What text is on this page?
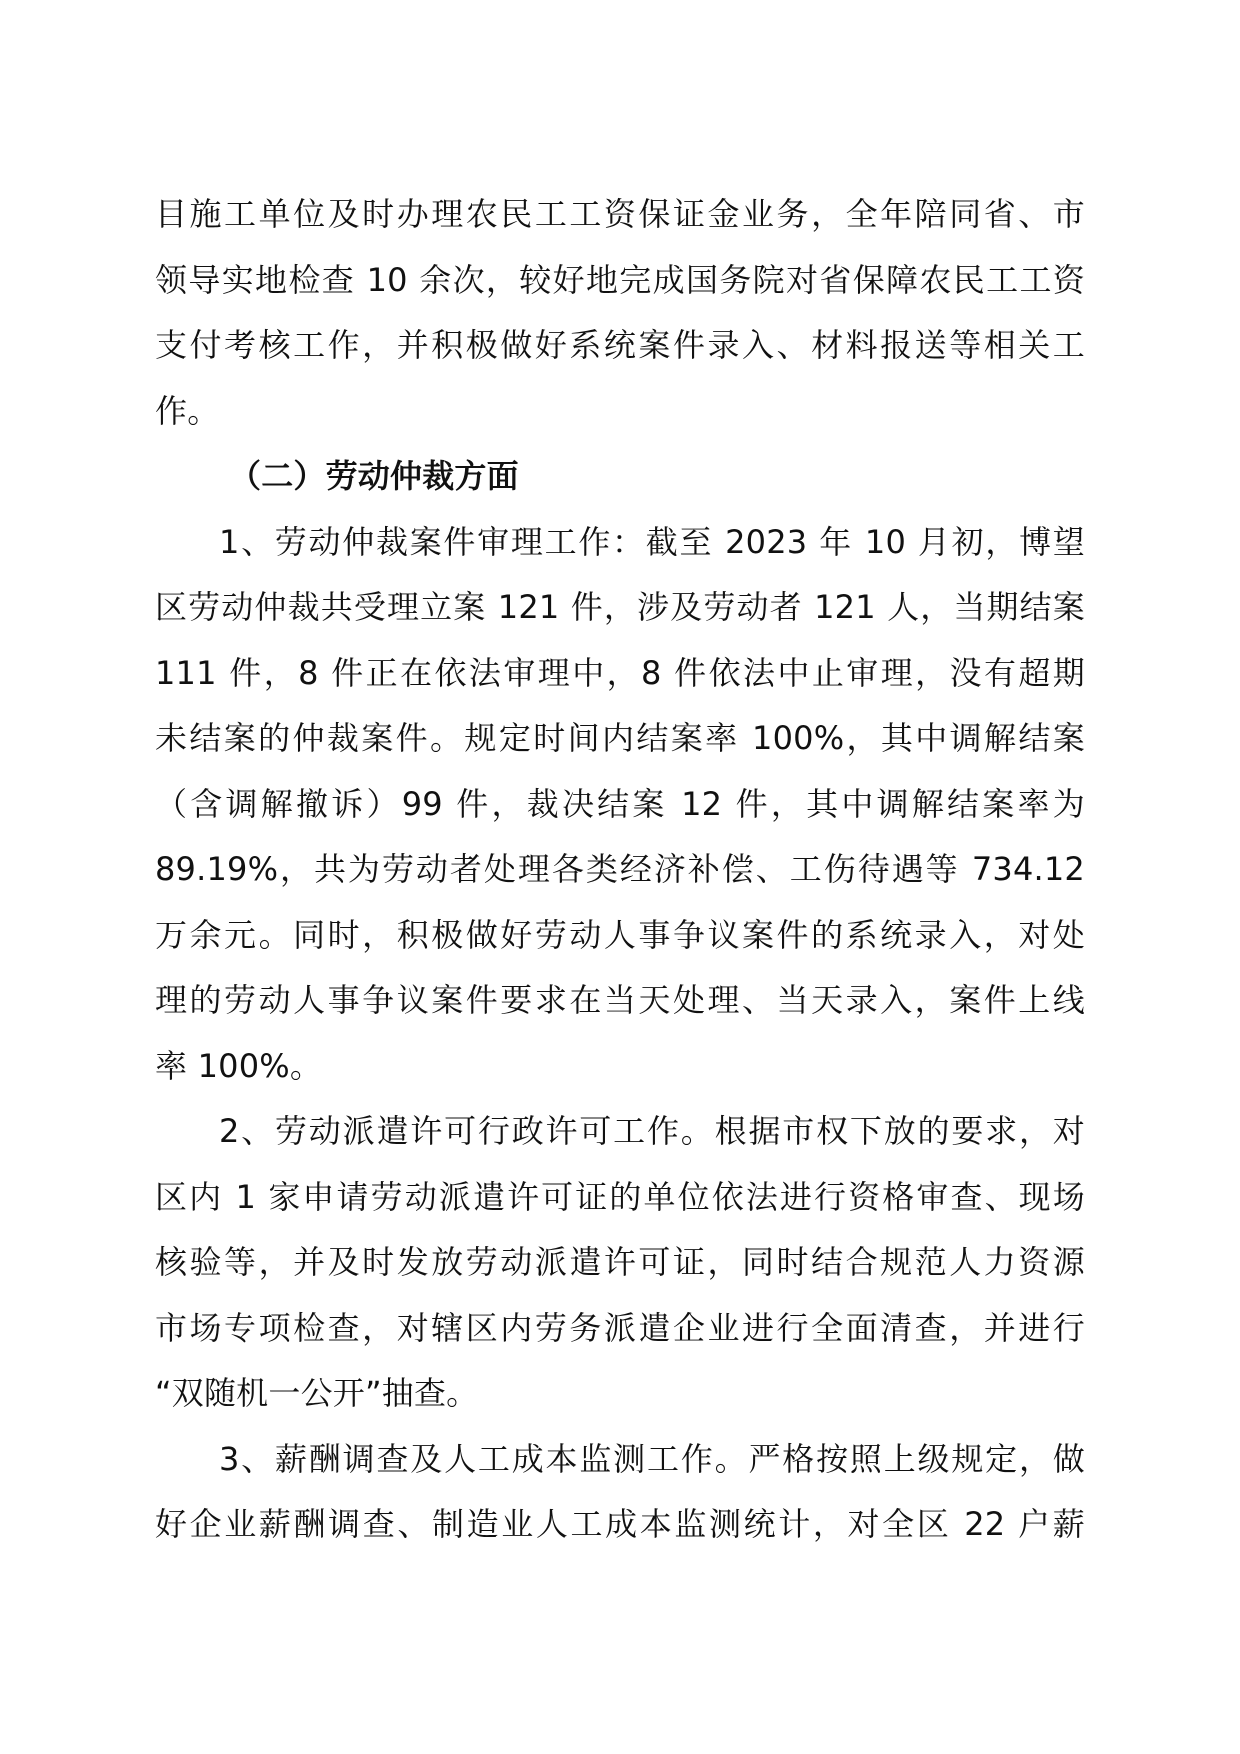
目施工单位及时办理农民工工资保证金业务，全年陪同省、市
领导实地检查 10 余次，较好地完成国务院对省保障农民工工资
支付考核工作，并积极做好系统案件录入、材料报送等相关工
作。
（二）劳动仲裁方面
1、劳动仲裁案件审理工作：截至 2023 年 10 月初，博望
区劳动仲裁共受理立案 121 件，涉及劳动者 121 人，当期结案
111 件，8 件正在依法审理中，8 件依法中止审理，没有超期
未结案的仲裁案件。规定时间内结案率 100%，其中调解结案
（含调解撤诉）99 件，裁决结案 12 件，其中调解结案率为
89.19%，共为劳动者处理各类经济补偿、工伤待遇等 734.12
万余元。同时，积极做好劳动人事争议案件的系统录入，对处
理的劳动人事争议案件要求在当天处理、当天录入，案件上线
率 100%。
2、劳动派遣许可行政许可工作。根据市权下放的要求，对
区内 1 家申请劳动派遣许可证的单位依法进行资格审查、现场
核验等，并及时发放劳动派遣许可证，同时结合规范人力资源
市场专项检查，对辖区内劳务派遣企业进行全面清查，并进行
“双随机一公开”抽查。
3、薪酬调查及人工成本监测工作。严格按照上级规定，做
好企业薪酬调查、制造业人工成本监测统计，对全区 22 户薪
